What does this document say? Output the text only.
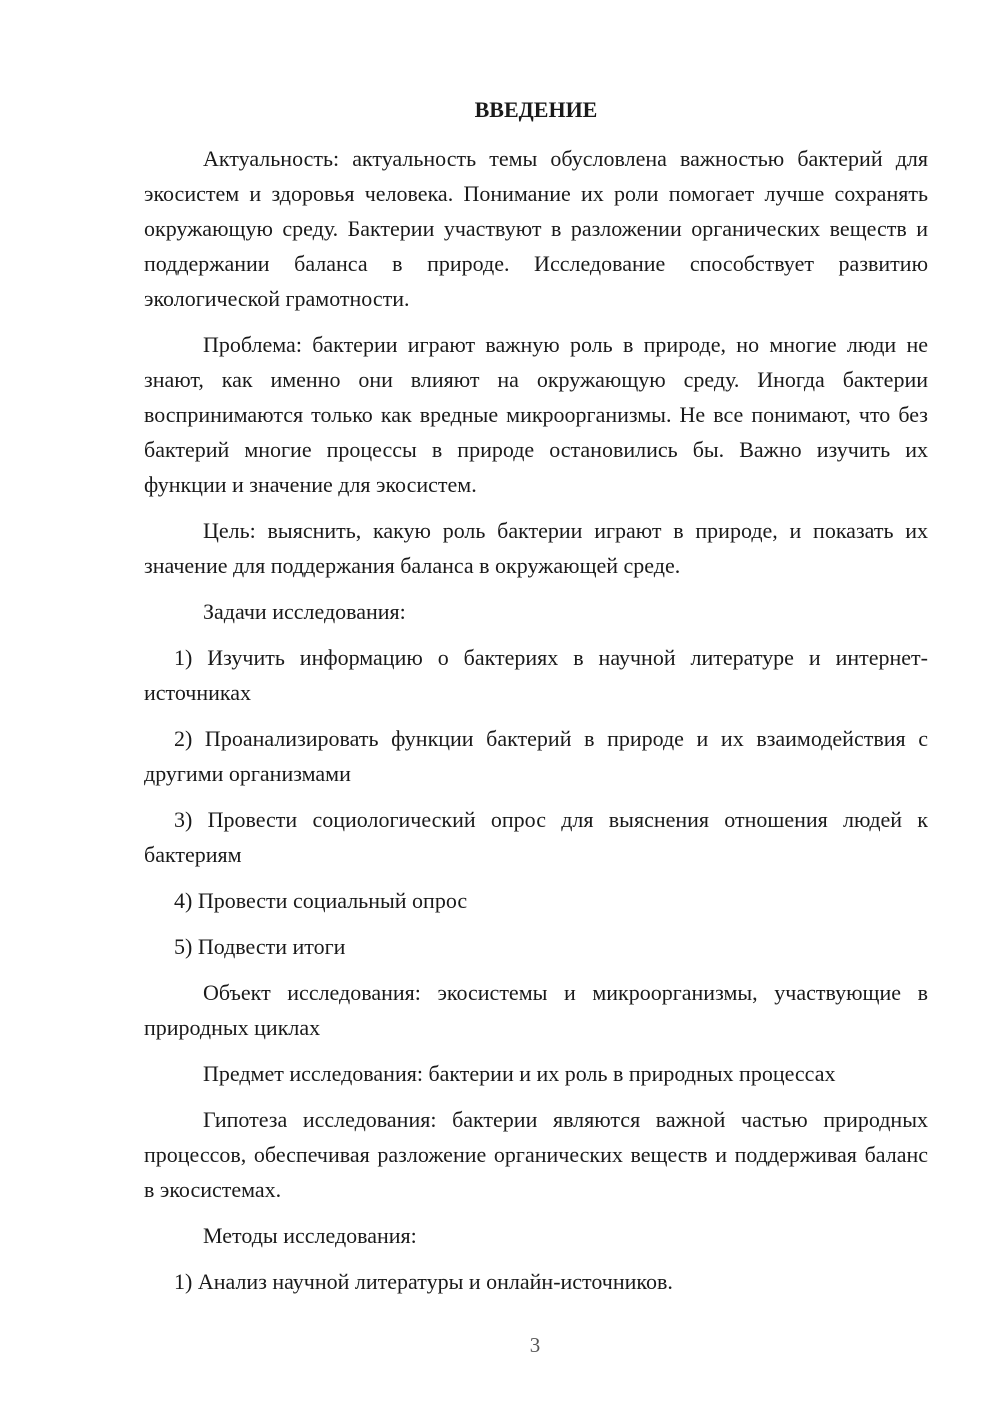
ВВЕДЕНИЕ

Актуальность: актуальность темы обусловлена важностью бактерий для экосистем и здоровья человека. Понимание их роли помогает лучше сохранять окружающую среду. Бактерии участвуют в разложении органических веществ и поддержании баланса в природе. Исследование способствует развитию экологической грамотности.

Проблема: бактерии играют важную роль в природе, но многие люди не знают, как именно они влияют на окружающую среду. Иногда бактерии воспринимаются только как вредные микроорганизмы. Не все понимают, что без бактерий многие процессы в природе остановились бы. Важно изучить их функции и значение для экосистем.

Цель: выяснить, какую роль бактерии играют в природе, и показать их значение для поддержания баланса в окружающей среде.

Задачи исследования:

1) Изучить информацию о бактериях в научной литературе и интернет-источниках

2) Проанализировать функции бактерий в природе и их взаимодействия с другими организмами

3) Провести социологический опрос для выяснения отношения людей к бактериям

4) Провести социальный опрос

5) Подвести итоги

Объект исследования: экосистемы и микроорганизмы, участвующие в природных циклах

Предмет исследования: бактерии и их роль в природных процессах

Гипотеза исследования: бактерии являются важной частью природных процессов, обеспечивая разложение органических веществ и поддерживая баланс в экосистемах.

Методы исследования:

1) Анализ научной литературы и онлайн-источников.

3
